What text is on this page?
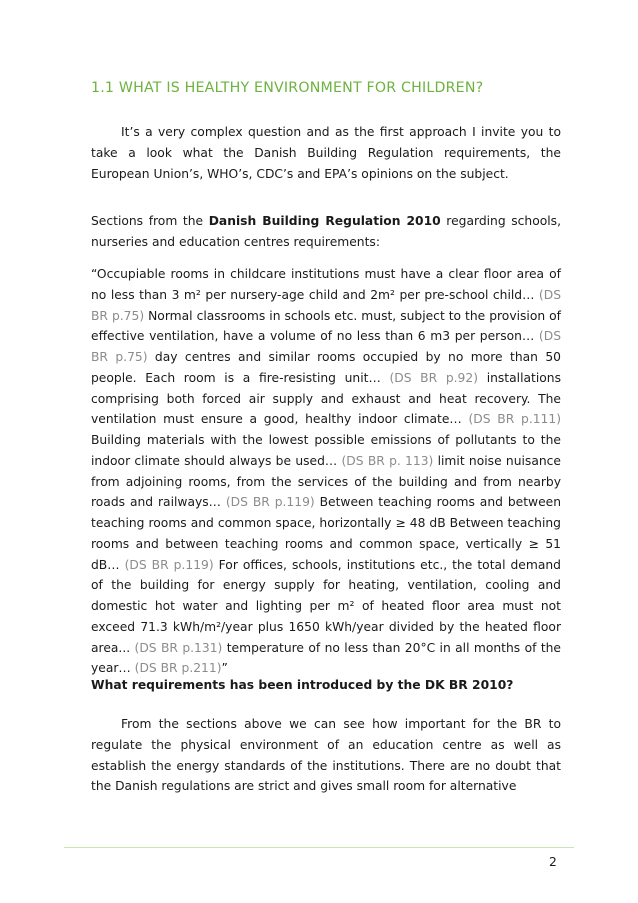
1.1 WHAT IS HEALTHY ENVIRONMENT FOR CHILDREN?

It’s a very complex question and as the first approach I invite you to take a look what the Danish Building Regulation requirements, the European Union’s, WHO’s, CDC’s and EPA’s opinions on the subject.

Sections from the Danish Building Regulation 2010 regarding schools, nurseries and education centres requirements:

“Occupiable rooms in childcare institutions must have a clear floor area of no less than 3 m² per nursery-age child and 2m² per pre-school child… (DS BR p.75) Normal classrooms in schools etc. must, subject to the provision of effective ventilation, have a volume of no less than 6 m3 per person… (DS BR p.75) day centres and similar rooms occupied by no more than 50 people. Each room is a fire-resisting unit… (DS BR p.92) installations comprising both forced air supply and exhaust and heat recovery. The ventilation must ensure a good, healthy indoor climate… (DS BR p.111) Building materials with the lowest possible emissions of pollutants to the indoor climate should always be used… (DS BR p. 113) limit noise nuisance from adjoining rooms, from the services of the building and from nearby roads and railways… (DS BR p.119) Between teaching rooms and between teaching rooms and common space, horizontally ≥ 48 dB Between teaching rooms and between teaching rooms and common space, vertically ≥ 51 dB… (DS BR p.119) For offices, schools, institutions etc., the total demand of the building for energy supply for heating, ventilation, cooling and domestic hot water and lighting per m² of heated floor area must not exceed 71.3 kWh/m²/year plus 1650 kWh/year divided by the heated floor area... (DS BR p.131) temperature of no less than 20°C in all months of the year… (DS BR p.211)”

What requirements has been introduced by the DK BR 2010?

From the sections above we can see how important for the BR to regulate the physical environment of an education centre as well as establish the energy standards of the institutions. There are no doubt that the Danish regulations are strict and gives small room for alternative

2
